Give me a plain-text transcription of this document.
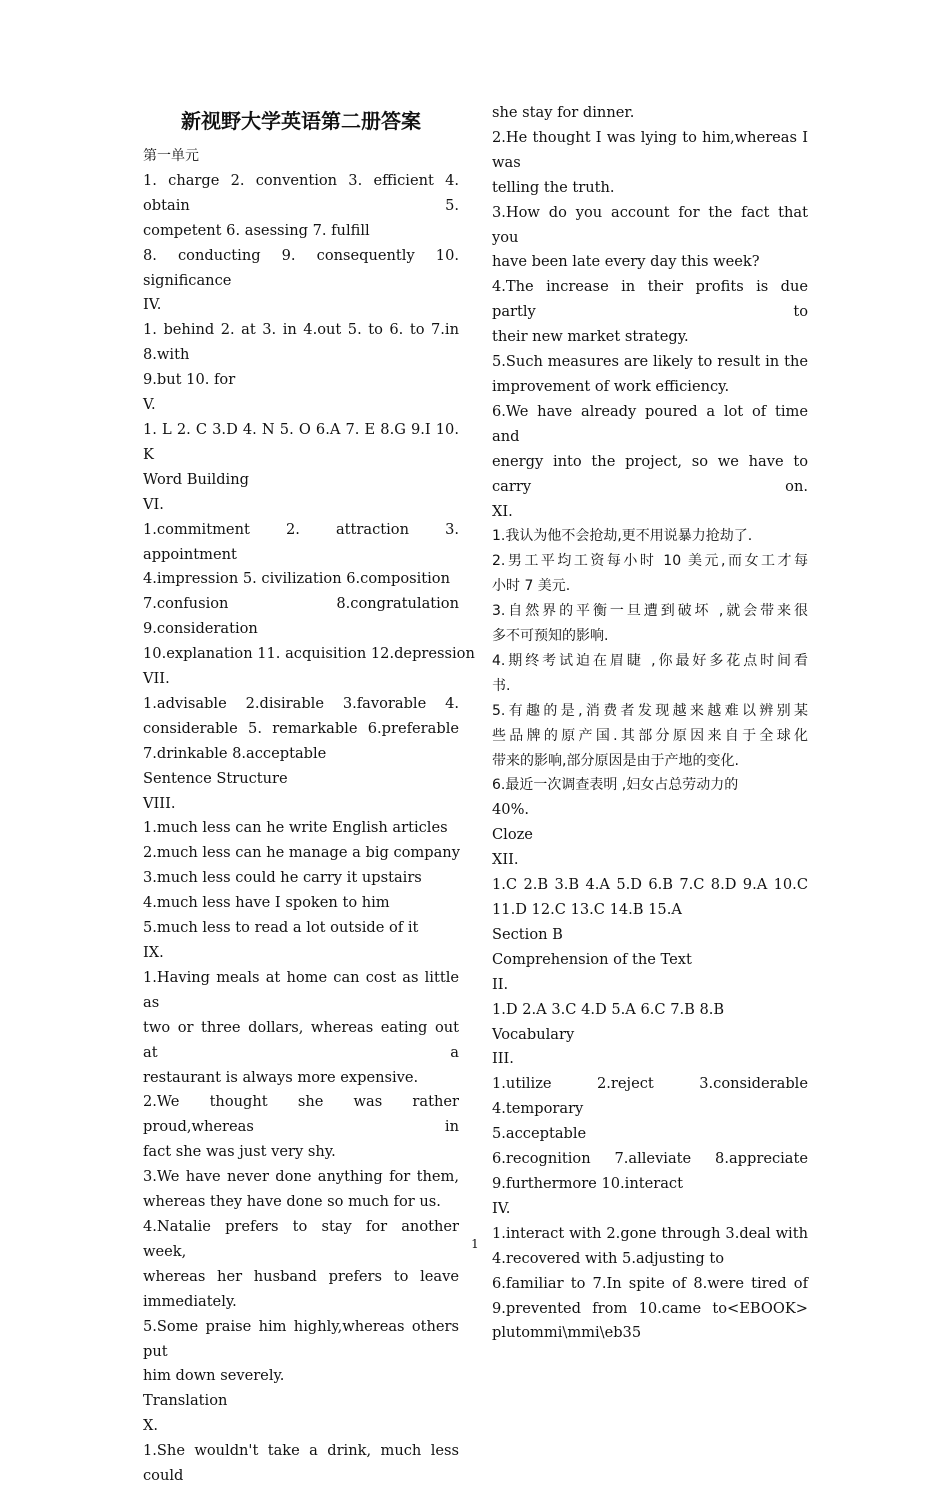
新视野大学英语第二册答案
第一单元
1. charge 2. convention 3. efficient 4. obtain 5.
competent 6. asessing 7. fulfill
8. conducting 9. consequently 10. significance
IV.
1. behind 2. at 3. in 4.out 5. to 6. to 7.in 8.with
9.but 10. for
V.
1. L 2. C 3.D 4. N 5. O 6.A 7. E 8.G 9.I 10. K
Word Building
VI.
1.commitment 2. attraction 3. appointment
4.impression 5. civilization 6.composition
7.confusion 8.congratulation 9.consideration
10.explanation 11. acquisition 12.depression
VII.
1.advisable 2.disirable 3.favorable 4.
considerable 5. remarkable 6.preferable
7.drinkable 8.acceptable
Sentence Structure
VIII.
1.much less can he write English articles
2.much less can he manage a big company
3.much less could he carry it upstairs
4.much less have I spoken to him
5.much less to read a lot outside of it
IX.
1.Having meals at home can cost as little as
two or three dollars, whereas eating out at a
restaurant is always more expensive.
2.We thought she was rather proud,whereas in
fact she was just very shy.
3.We have never done anything for them,
whereas they have done so much for us.
4.Natalie prefers to stay for another week,
whereas her husband prefers to leave
immediately.
5.Some praise him highly,whereas others put
him down severely.
Translation
X.
1.She wouldn't take a drink, much less could
she stay for dinner.
2.He thought I was lying to him,whereas I was
telling the truth.
3.How do you account for the fact that you
have been late every day this week?
4.The increase in their profits is due partly to
their new market strategy.
5.Such measures are likely to result in the
improvement of work efficiency.
6.We have already poured a lot of time and
energy into the project, so we have to carry on.
XI.
1.我认为他不会抢劫,更不用说暴力抢劫了.
2.男工平均工资每小时 10 美元,而女工才每
小时 7 美元.
3.自然界的平衡一旦遭到破坏 ,就会带来很
多不可预知的影响.
4.期终考试迫在眉睫 ,你最好多花点时间看
书.
5.有趣的是,消费者发现越来越难以辨别某
些品牌的原产国.其部分原因来自于全球化
带来的影响,部分原因是由于产地的变化.
6.最近一次调查表明 ,妇女占总劳动力的
40%.
Cloze
XII.
1.C 2.B 3.B 4.A 5.D 6.B 7.C 8.D 9.A 10.C
11.D 12.C 13.C 14.B 15.A
Section B
Comprehension of the Text
II.
1.D 2.A 3.C 4.D 5.A 6.C 7.B 8.B
Vocabulary
III.
1.utilize 2.reject 3.considerable 4.temporary
5.acceptable
6.recognition 7.alleviate 8.appreciate
9.furthermore 10.interact
IV.
1.interact with 2.gone through 3.deal with
4.recovered with 5.adjusting to
6.familiar to 7.In spite of 8.were tired of
9.prevented from 10.came to<EBOOK>
plutommi\mmi\eb35
1
